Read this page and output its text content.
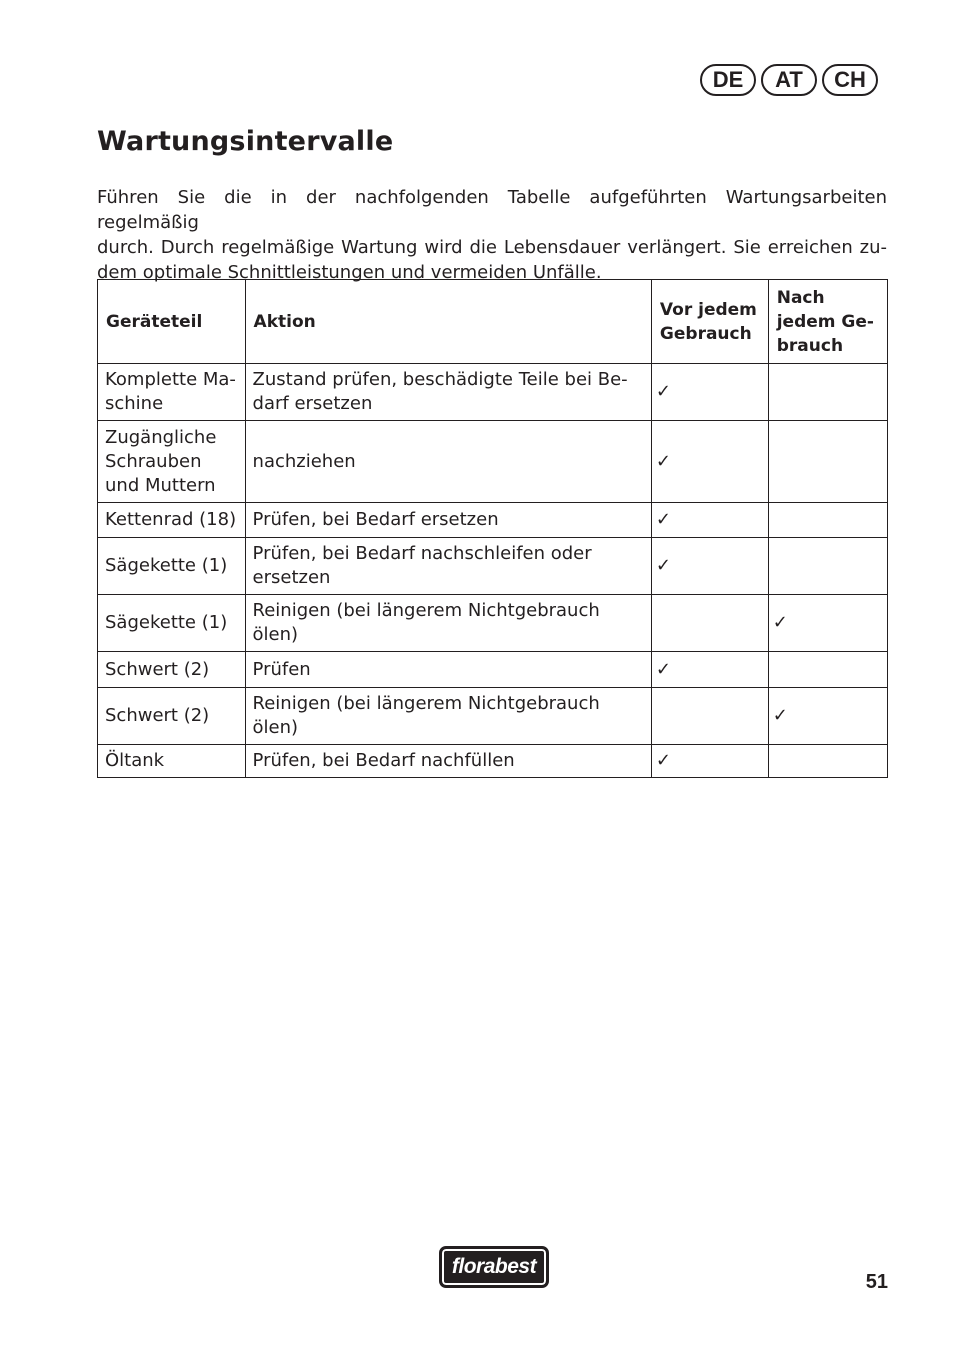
DE	AT	CH
Wartungsintervalle

Führen Sie die in der nachfolgenden Tabelle aufgeführten Wartungsarbeiten regelmäßig

durch. Durch regelmäßige Wartung wird die Lebensdauer verlängert. Sie erreichen zu-

dem optimale Schnittleistungen und vermeiden Unfälle.

Geräteteil	Aktion	Vor jedem Gebrauch	Nach jedem Ge-brauch
Komplette Ma-schine	Zustand prüfen, beschädigte Teile bei Be-darf ersetzen	✓	
Zugängliche Schrauben und Muttern	nachziehen	✓	
Kettenrad (18)	Prüfen, bei Bedarf ersetzen	✓	
Sägekette (1)	Prüfen, bei Bedarf nachschleifen oder ersetzen	✓	
Sägekette (1)	Reinigen (bei längerem Nichtgebrauch ölen)		✓
Schwert (2)	Prüfen	✓	
Schwert (2)	Reinigen (bei längerem Nichtgebrauch ölen)		✓
Öltank	Prüfen, bei Bedarf nachfüllen	✓	
florabest
51
